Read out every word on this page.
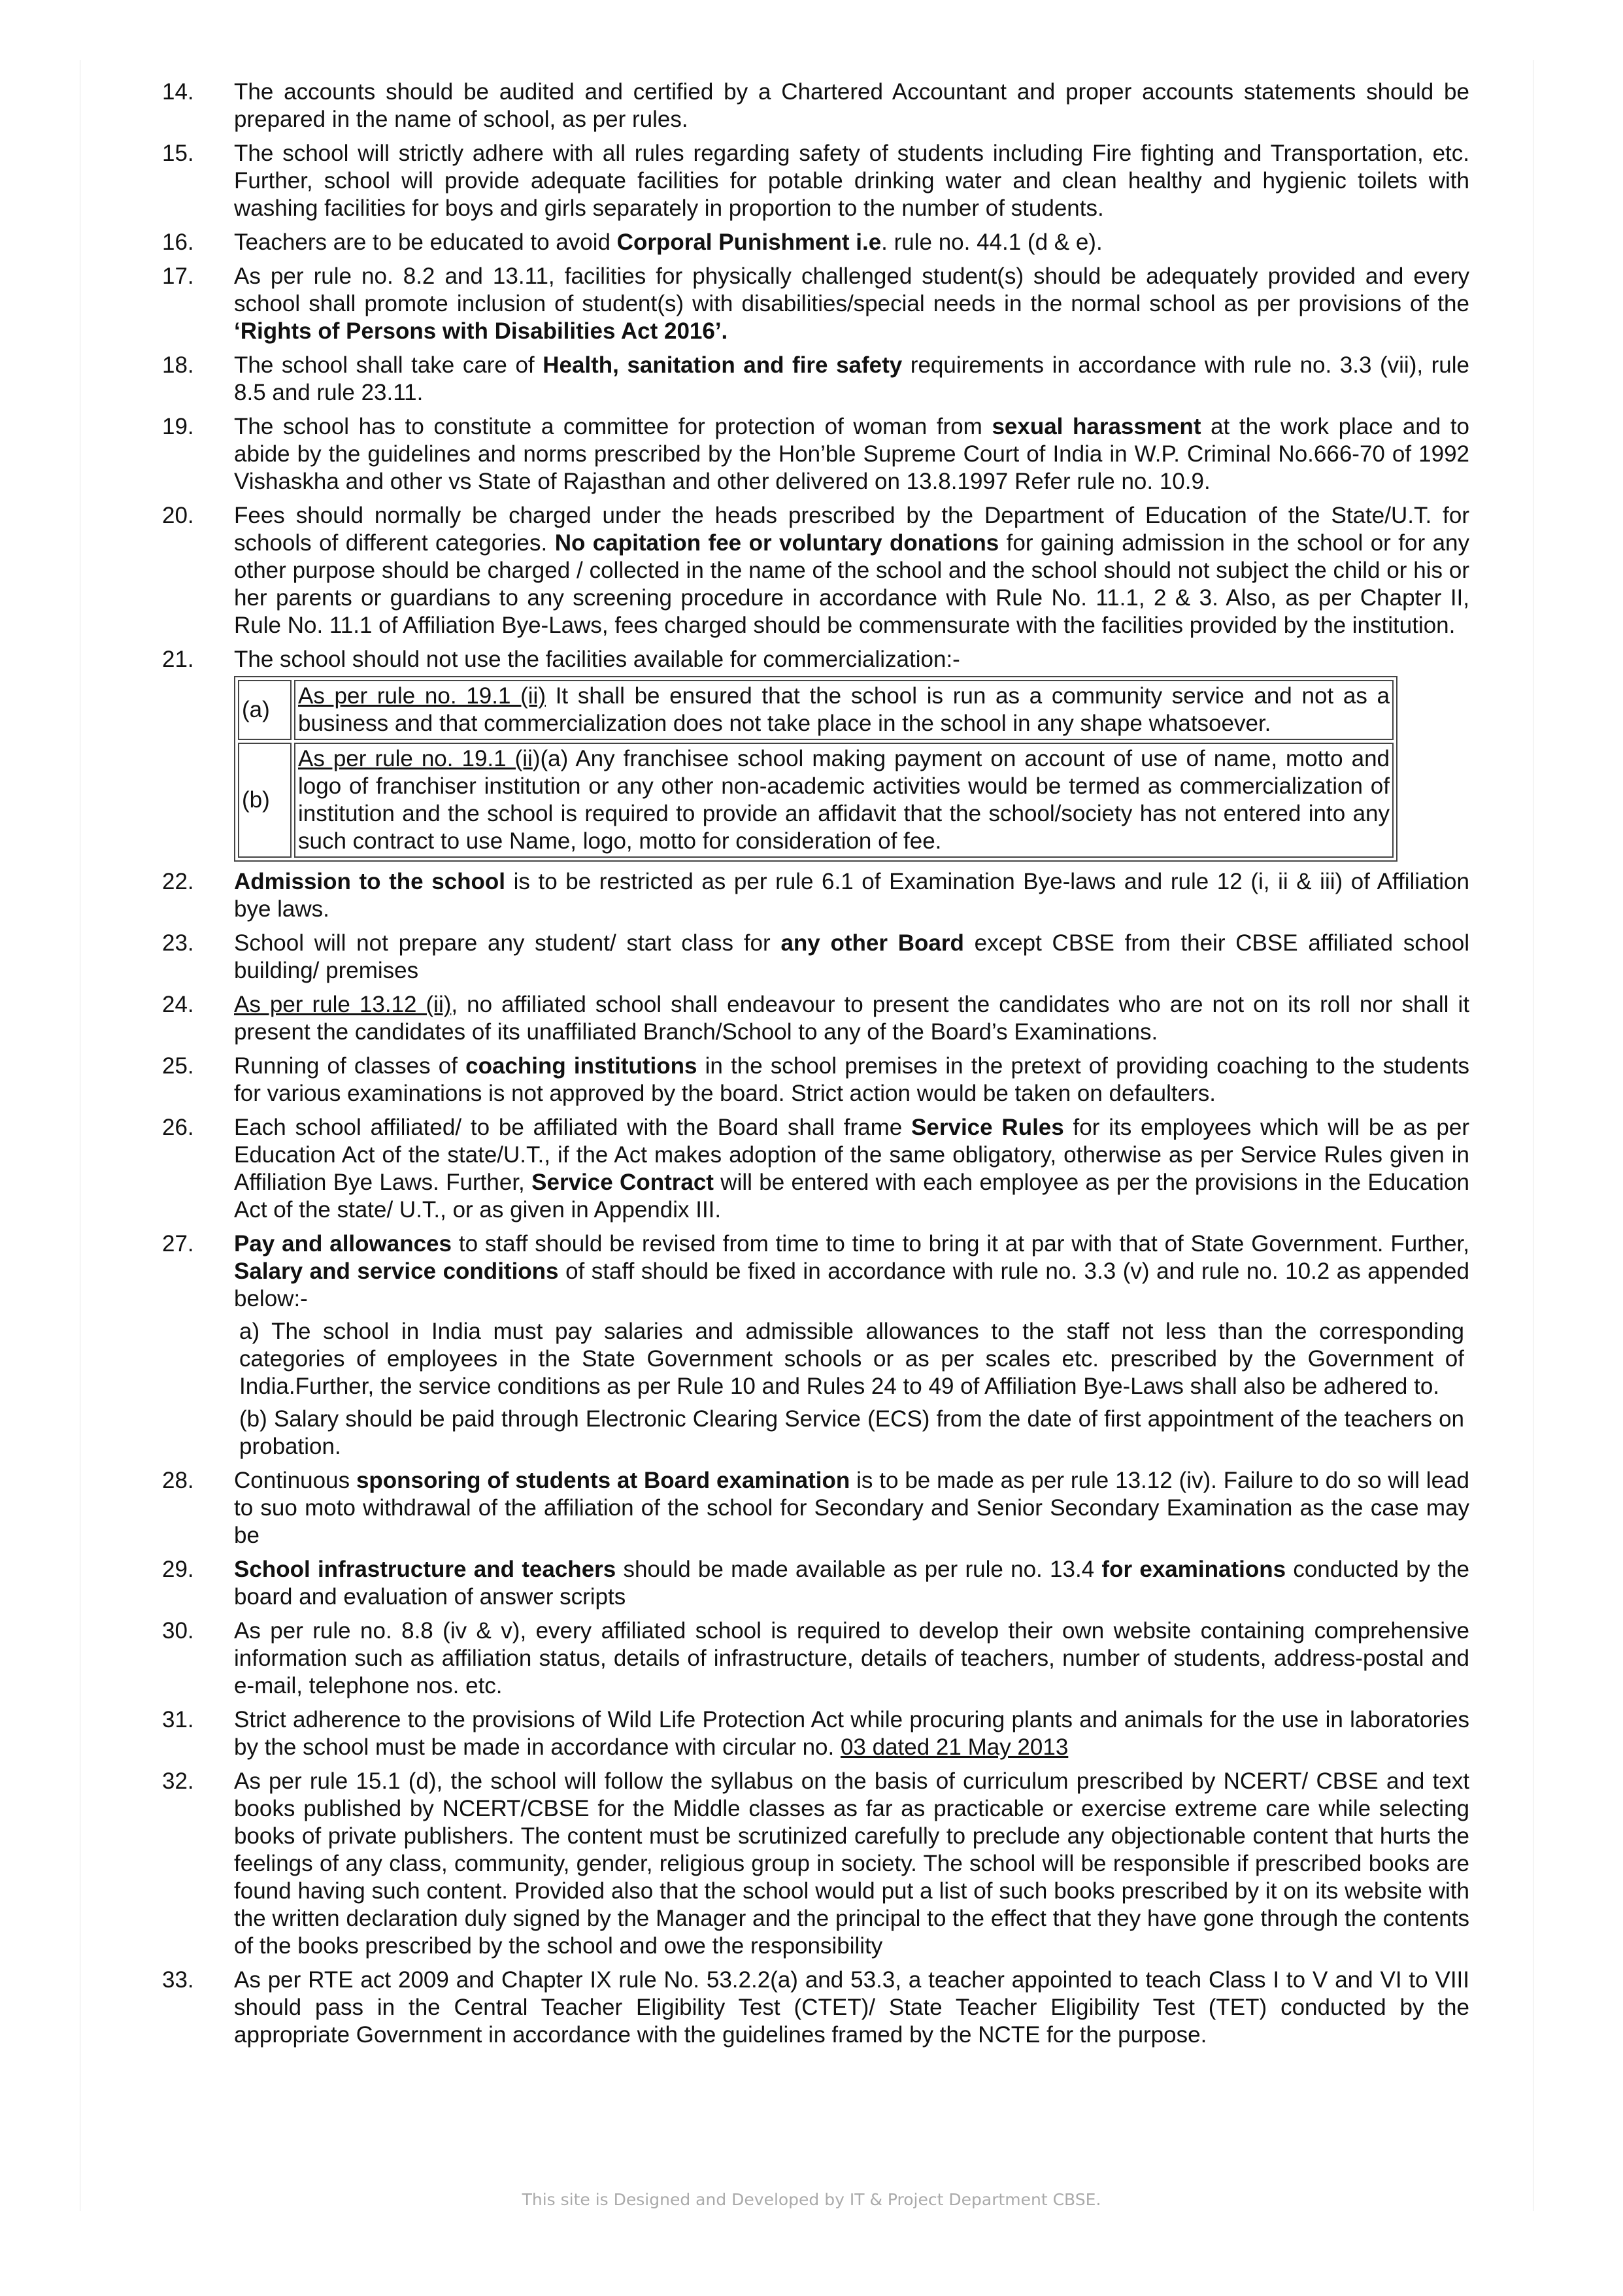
14.	The accounts should be audited and certified by a Chartered Accountant and proper accounts statements should be prepared in the name of school, as per rules.
15.	The school will strictly adhere with all rules regarding safety of students including Fire fighting and Transportation, etc. Further, school will provide adequate facilities for potable drinking water and clean healthy and hygienic toilets with washing facilities for boys and girls separately in proportion to the number of students.
16.	Teachers are to be educated to avoid Corporal Punishment i.e. rule no. 44.1 (d & e).
17.	As per rule no. 8.2 and 13.11, facilities for physically challenged student(s) should be adequately provided and every school shall promote inclusion of student(s) with disabilities/special needs in the normal school as per provisions of the ‘Rights of Persons with Disabilities Act 2016’.
18.	The school shall take care of Health, sanitation and fire safety requirements in accordance with rule no. 3.3 (vii), rule 8.5 and rule 23.11.
19.	The school has to constitute a committee for protection of woman from sexual harassment at the work place and to abide by the guidelines and norms prescribed by the Hon’ble Supreme Court of India in W.P. Criminal No.666-70 of 1992 Vishaskha and other vs State of Rajasthan and other delivered on 13.8.1997 Refer rule no. 10.9.
20.	Fees should normally be charged under the heads prescribed by the Department of Education of the State/U.T. for schools of different categories. No capitation fee or voluntary donations for gaining admission in the school or for any other purpose should be charged / collected in the name of the school and the school should not subject the child or his or her parents or guardians to any screening procedure in accordance with Rule No. 11.1, 2 & 3. Also, as per Chapter II, Rule No. 11.1 of Affiliation Bye-Laws, fees charged should be commensurate with the facilities provided by the institution.
21.	The school should not use the facilities available for commercialization:-
(a)	As per rule no. 19.1 (ii) It shall be ensured that the school is run as a community service and not as a business and that commercialization does not take place in the school in any shape whatsoever.
(b)	As per rule no. 19.1 (ii)(a) Any franchisee school making payment on account of use of name, motto and logo of franchiser institution or any other non-academic activities would be termed as commercialization of institution and the school is required to provide an affidavit that the school/society has not entered into any such contract to use Name, logo, motto for consideration of fee.
22.	Admission to the school is to be restricted as per rule 6.1 of Examination Bye-laws and rule 12 (i, ii & iii) of Affiliation bye laws.
23.	School will not prepare any student/ start class for any other Board except CBSE from their CBSE affiliated school building/ premises
24.	As per rule 13.12 (ii), no affiliated school shall endeavour to present the candidates who are not on its roll nor shall it present the candidates of its unaffiliated Branch/School to any of the Board’s Examinations.
25.	Running of classes of coaching institutions in the school premises in the pretext of providing coaching to the students for various examinations is not approved by the board. Strict action would be taken on defaulters.
26.	Each school affiliated/ to be affiliated with the Board shall frame Service Rules for its employees which will be as per Education Act of the state/U.T., if the Act makes adoption of the same obligatory, otherwise as per Service Rules given in Affiliation Bye Laws. Further, Service Contract will be entered with each employee as per the provisions in the Education Act of the state/ U.T., or as given in Appendix III.
27.	Pay and allowances to staff should be revised from time to time to bring it at par with that of State Government. Further, Salary and service conditions of staff should be fixed in accordance with rule no. 3.3 (v) and rule no. 10.2 as appended below:-
a) The school in India must pay salaries and admissible allowances to the staff not less than the corresponding categories of employees in the State Government schools or as per scales etc. prescribed by the Government of India.Further, the service conditions as per Rule 10 and Rules 24 to 49 of Affiliation Bye-Laws shall also be adhered to.
(b) Salary should be paid through Electronic Clearing Service (ECS) from the date of first appointment of the teachers on probation.
28.	Continuous sponsoring of students at Board examination is to be made as per rule 13.12 (iv). Failure to do so will lead to suo moto withdrawal of the affiliation of the school for Secondary and Senior Secondary Examination as the case may be
29.	School infrastructure and teachers should be made available as per rule no. 13.4 for examinations conducted by the board and evaluation of answer scripts
30.	As per rule no. 8.8 (iv & v), every affiliated school is required to develop their own website containing comprehensive information such as affiliation status, details of infrastructure, details of teachers, number of students, address-postal and e-mail, telephone nos. etc.
31.	Strict adherence to the provisions of Wild Life Protection Act while procuring plants and animals for the use in laboratories by the school must be made in accordance with circular no. 03 dated 21 May 2013
32.	As per rule 15.1 (d), the school will follow the syllabus on the basis of curriculum prescribed by NCERT/ CBSE and text books published by NCERT/CBSE for the Middle classes as far as practicable or exercise extreme care while selecting books of private publishers. The content must be scrutinized carefully to preclude any objectionable content that hurts the feelings of any class, community, gender, religious group in society. The school will be responsible if prescribed books are found having such content. Provided also that the school would put a list of such books prescribed by it on its website with the written declaration duly signed by the Manager and the principal to the effect that they have gone through the contents of the books prescribed by the school and owe the responsibility
33.	As per RTE act 2009 and Chapter IX rule No. 53.2.2(a) and 53.3, a teacher appointed to teach Class I to V and VI to VIII should pass in the Central Teacher Eligibility Test (CTET)/ State Teacher Eligibility Test (TET) conducted by the appropriate Government in accordance with the guidelines framed by the NCTE for the purpose.
This site is Designed and Developed by IT & Project Department CBSE.
